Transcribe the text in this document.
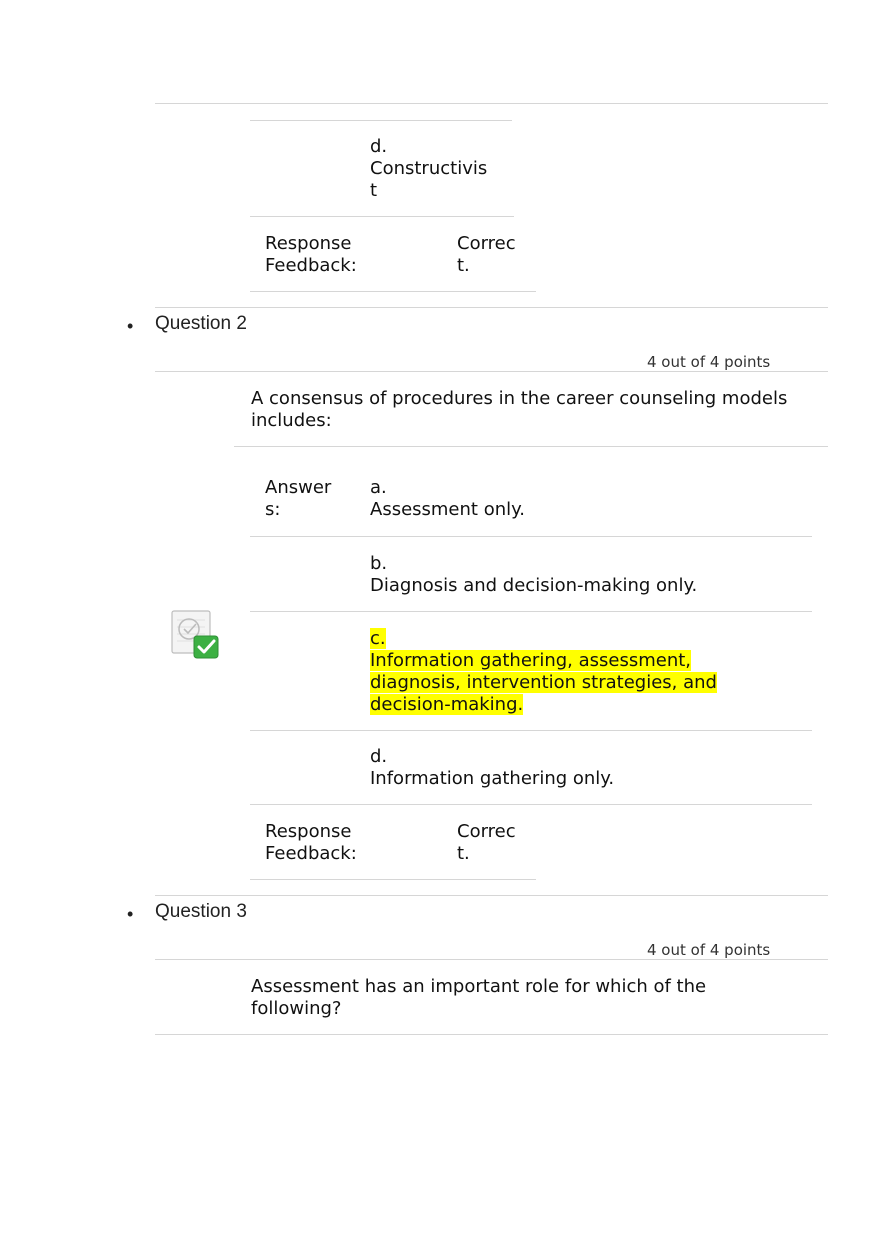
d.
Constructivis
t
Response
Feedback:
Correc
t.
• Question 2
4 out of 4 points
A consensus of procedures in the career counseling models
includes:
Answer
s:
a.
Assessment only.
b.
Diagnosis and decision-making only.
c.
Information gathering, assessment,
diagnosis, intervention strategies, and
decision-making.
d.
Information gathering only.
Response
Feedback:
Correc
t.
• Question 3
4 out of 4 points
Assessment has an important role for which of the
following?
